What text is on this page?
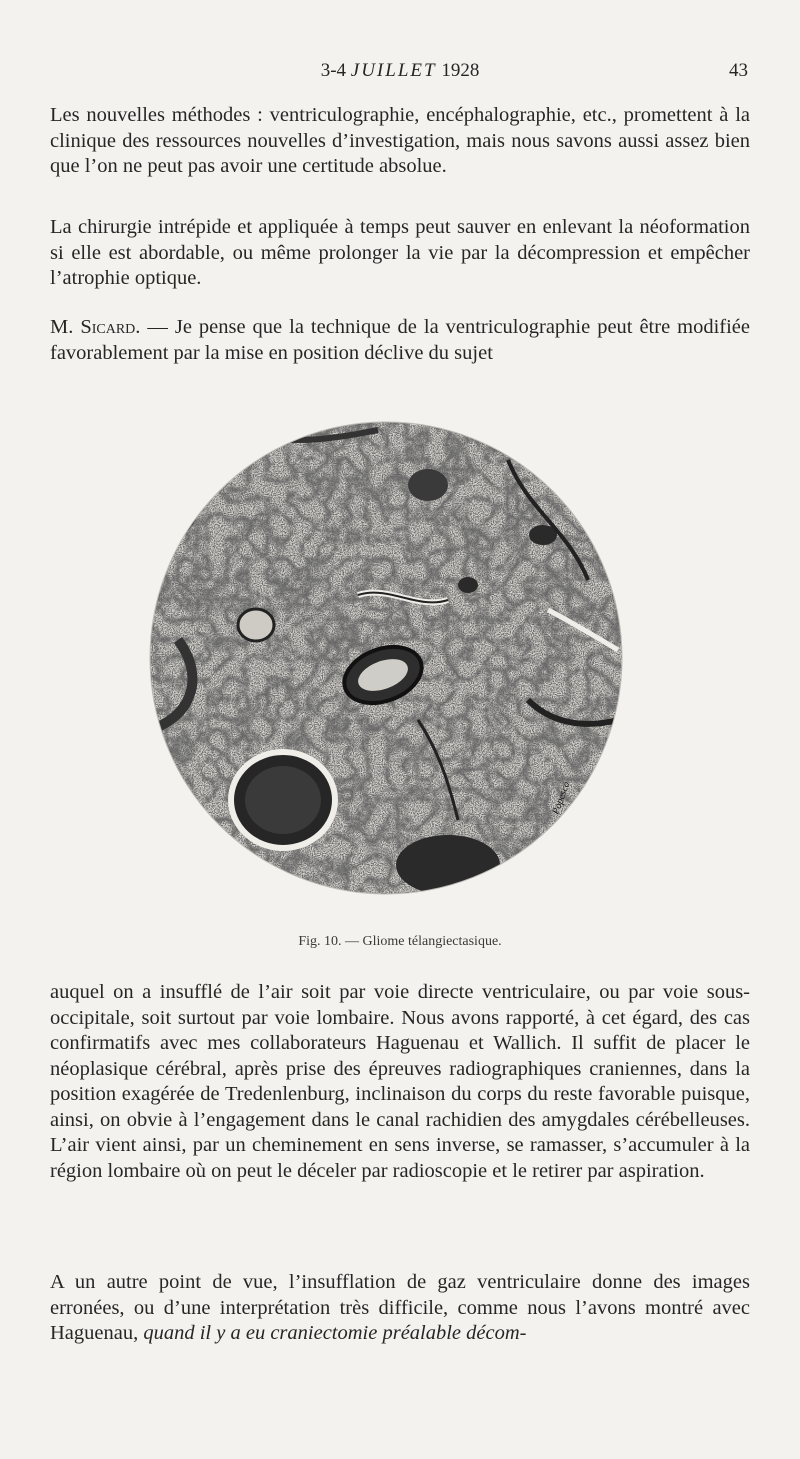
3-4 JUILLET 1928	43

Les nouvelles méthodes : ventriculographie, encéphalographie, etc., promettent à la clinique des ressources nouvelles d’investigation, mais nous savons aussi assez bien que l’on ne peut pas avoir une certitude absolue.

La chirurgie intrépide et appliquée à temps peut sauver en enlevant la néoformation si elle est abordable, ou même prolonger la vie par la décompression et empêcher l’atrophie optique.

M. Sicard. — Je pense que la technique de la ventriculographie peut être modifiée favorablement par la mise en position déclive du sujet

Popesco
Fig. 10. — Gliome télangiectasique.

auquel on a insufflé de l’air soit par voie directe ventriculaire, ou par voie sous-occipitale, soit surtout par voie lombaire. Nous avons rapporté, à cet égard, des cas confirmatifs avec mes collaborateurs Haguenau et Wallich. Il suffit de placer le néoplasique cérébral, après prise des épreuves radiographiques craniennes, dans la position exagérée de Tredenlenburg, inclinaison du corps du reste favorable puisque, ainsi, on obvie à l’engagement dans le canal rachidien des amygdales cérébelleuses. L’air vient ainsi, par un cheminement en sens inverse, se ramasser, s’accumuler à la région lombaire où on peut le déceler par radioscopie et le retirer par aspiration.

A un autre point de vue, l’insufflation de gaz ventriculaire donne des images erronées, ou d’une interprétation très difficile, comme nous l’avons montré avec Haguenau, quand il y a eu craniectomie préalable décom-
